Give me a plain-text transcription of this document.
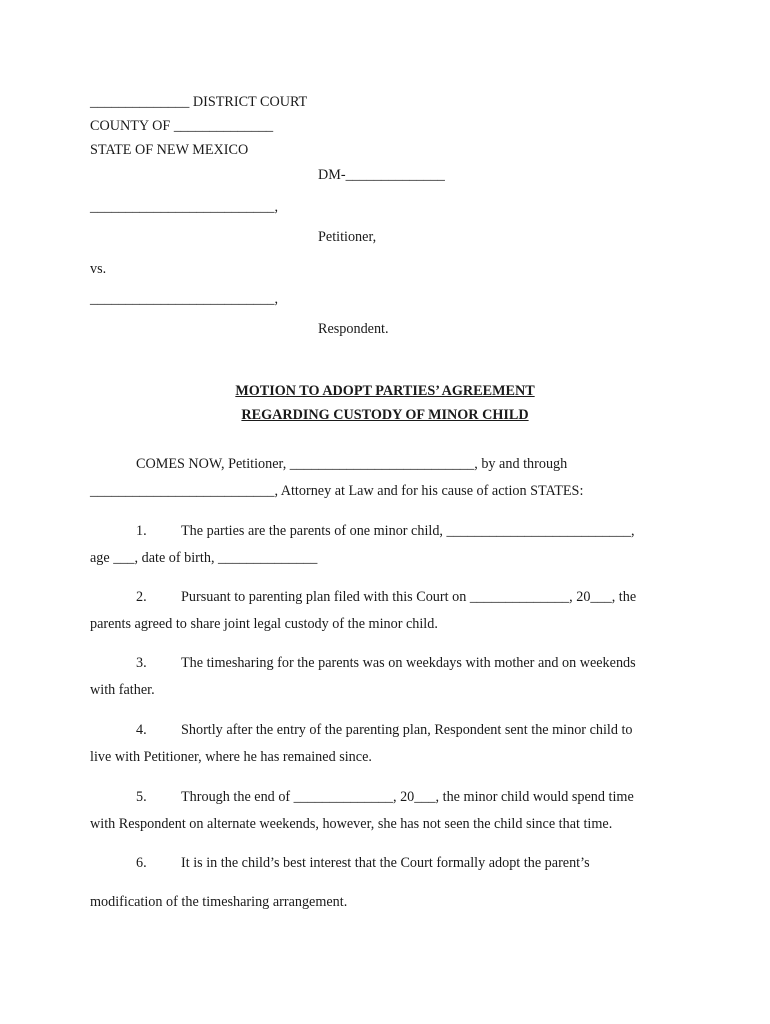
______________ DISTRICT COURT
COUNTY OF ______________
STATE OF NEW MEXICO
DM-______________
__________________________,
Petitioner,
vs.
__________________________,
Respondent.
MOTION TO ADOPT PARTIES’ AGREEMENT
REGARDING CUSTODY OF MINOR CHILD
COMES NOW, Petitioner, __________________________, by and through
__________________________, Attorney at Law and for his cause of action STATES:
1. The parties are the parents of one minor child, __________________________,
age ___, date of birth, ______________
2. Pursuant to parenting plan filed with this Court on ______________, 20___, the
parents agreed to share joint legal custody of the minor child.
3. The timesharing for the parents was on weekdays with mother and on weekends
with father.
4. Shortly after the entry of the parenting plan, Respondent sent the minor child to
live with Petitioner, where he has remained since.
5. Through the end of ______________, 20___, the minor child would spend time
with Respondent on alternate weekends, however, she has not seen the child since that time.
6. It is in the child’s best interest that the Court formally adopt the parent’s
modification of the timesharing arrangement.
